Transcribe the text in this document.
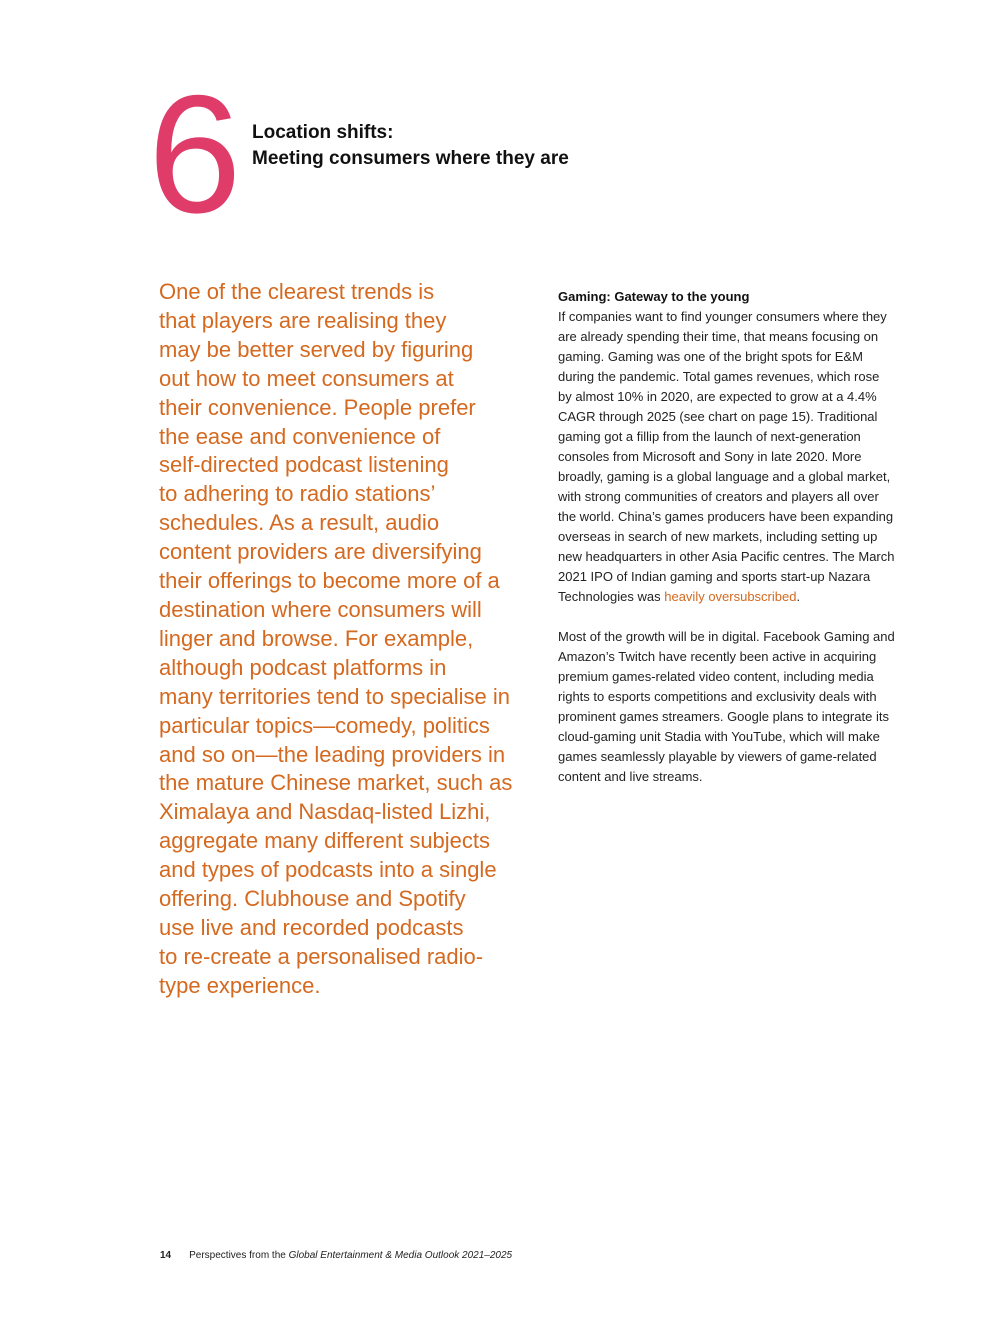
6 Location shifts:
Meeting consumers where they are
One of the clearest trends is
that players are realising they
may be better served by figuring
out how to meet consumers at
their convenience. People prefer
the ease and convenience of
self-directed podcast listening
to adhering to radio stations’
schedules. As a result, audio
content providers are diversifying
their offerings to become more of a
destination where consumers will
linger and browse. For example,
although podcast platforms in
many territories tend to specialise in
particular topics—comedy, politics
and so on—the leading providers in
the mature Chinese market, such as
Ximalaya and Nasdaq-listed Lizhi,
aggregate many different subjects
and types of podcasts into a single
offering. Clubhouse and Spotify
use live and recorded podcasts
to re-create a personalised radio-
type experience.
Gaming: Gateway to the young
If companies want to find younger consumers where they
are already spending their time, that means focusing on
gaming. Gaming was one of the bright spots for E&M
during the pandemic. Total games revenues, which rose
by almost 10% in 2020, are expected to grow at a 4.4%
CAGR through 2025 (see chart on page 15). Traditional
gaming got a fillip from the launch of next-generation
consoles from Microsoft and Sony in late 2020. More
broadly, gaming is a global language and a global market,
with strong communities of creators and players all over
the world. China’s games producers have been expanding
overseas in search of new markets, including setting up
new headquarters in other Asia Pacific centres. The March
2021 IPO of Indian gaming and sports start-up Nazara
Technologies was heavily oversubscribed.
Most of the growth will be in digital. Facebook Gaming and
Amazon’s Twitch have recently been active in acquiring
premium games-related video content, including media
rights to esports competitions and exclusivity deals with
prominent games streamers. Google plans to integrate its
cloud-gaming unit Stadia with YouTube, which will make
games seamlessly playable by viewers of game-related
content and live streams.
14 Perspectives from the Global Entertainment & Media Outlook 2021–2025
